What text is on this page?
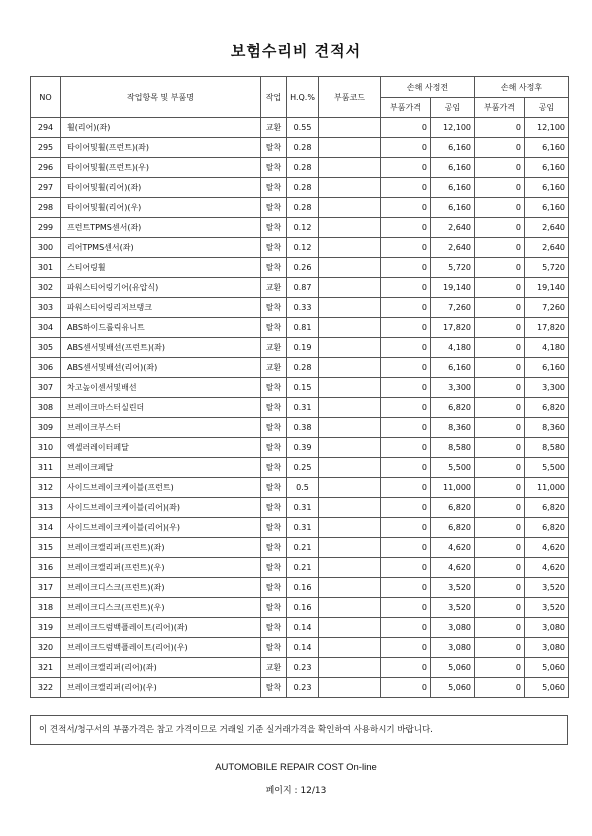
보험수리비 견적서
NO	작업항목 및 부품명	작업	H.Q.%	부품코드	손해 사정전		손해 사정후	
					부품가격	공임	부품가격	공임
294	휠(리어)(좌)	교환	0.55		0	12,100	0	12,100
295	타이어및휠(프런트)(좌)	탈착	0.28		0	6,160	0	6,160
296	타이어및휠(프런트)(우)	탈착	0.28		0	6,160	0	6,160
297	타이어및휠(리어)(좌)	탈착	0.28		0	6,160	0	6,160
298	타이어및휠(리어)(우)	탈착	0.28		0	6,160	0	6,160
299	프런트TPMS센서(좌)	탈착	0.12		0	2,640	0	2,640
300	리어TPMS센서(좌)	탈착	0.12		0	2,640	0	2,640
301	스티어링휠	탈착	0.26		0	5,720	0	5,720
302	파워스티어링기어(유압식)	교환	0.87		0	19,140	0	19,140
303	파워스티어링리저브탱크	탈착	0.33		0	7,260	0	7,260
304	ABS하이드롤릭유니트	탈착	0.81		0	17,820	0	17,820
305	ABS센서및배선(프런트)(좌)	교환	0.19		0	4,180	0	4,180
306	ABS센서및배선(리어)(좌)	교환	0.28		0	6,160	0	6,160
307	차고높이센서및배선	탈착	0.15		0	3,300	0	3,300
308	브레이크마스터실린더	탈착	0.31		0	6,820	0	6,820
309	브레이크부스터	탈착	0.38		0	8,360	0	8,360
310	엑셀러레이터페달	탈착	0.39		0	8,580	0	8,580
311	브레이크페달	탈착	0.25		0	5,500	0	5,500
312	사이드브레이크케이블(프런트)	탈착	0.5		0	11,000	0	11,000
313	사이드브레이크케이블(리어)(좌)	탈착	0.31		0	6,820	0	6,820
314	사이드브레이크케이블(리어)(우)	탈착	0.31		0	6,820	0	6,820
315	브레이크캘리퍼(프런트)(좌)	탈착	0.21		0	4,620	0	4,620
316	브레이크캘리퍼(프런트)(우)	탈착	0.21		0	4,620	0	4,620
317	브레이크디스크(프런트)(좌)	탈착	0.16		0	3,520	0	3,520
318	브레이크디스크(프런트)(우)	탈착	0.16		0	3,520	0	3,520
319	브레이크드럼백플레이트(리어)(좌)	탈착	0.14		0	3,080	0	3,080
320	브레이크드럼백플레이트(리어)(우)	탈착	0.14		0	3,080	0	3,080
321	브레이크캘리퍼(리어)(좌)	교환	0.23		0	5,060	0	5,060
322	브레이크캘리퍼(리어)(우)	탈착	0.23		0	5,060	0	5,060
이 견적서/청구서의 부품가격은 참고 가격이므로 거래일 기준 실거래가격을 확인하여 사용하시기 바랍니다.
AUTOMOBILE REPAIR COST On-line
페이지 : 12/13
